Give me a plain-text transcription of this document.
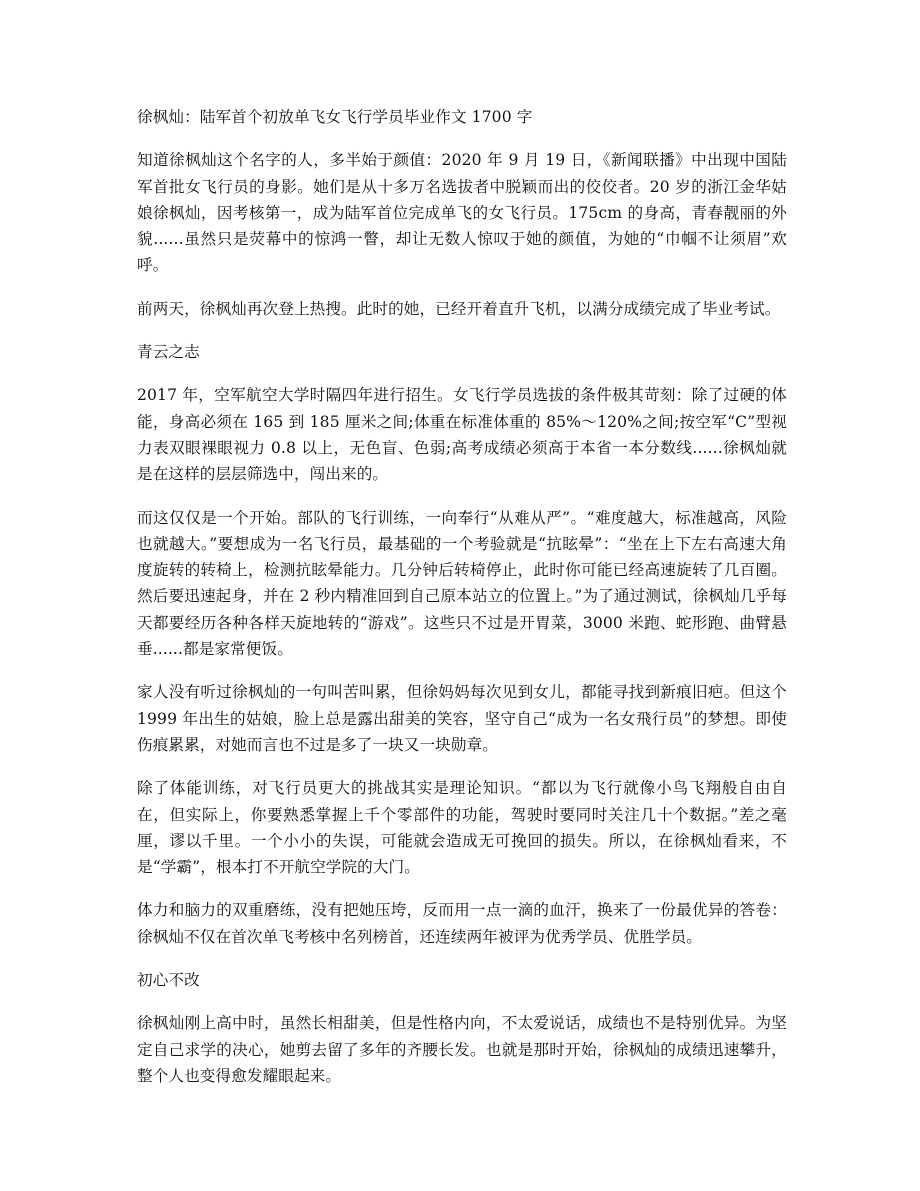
徐枫灿：陆军首个初放单飞女飞行学员毕业作文 1700 字

知道徐枫灿这个名字的人，多半始于颜值：2020 年 9 月 19 日，《新闻联播》中出现中国陆军首批女飞行员的身影。她们是从十多万名选拔者中脱颖而出的佼佼者。20 岁的浙江金华姑娘徐枫灿，因考核第一，成为陆军首位完成单飞的女飞行员。175cm 的身高，青春靓丽的外貌......虽然只是荧幕中的惊鸿一瞥，却让无数人惊叹于她的颜值，为她的“巾帼不让须眉”欢呼。

前两天，徐枫灿再次登上热搜。此时的她，已经开着直升飞机，以满分成绩完成了毕业考试。

青云之志

2017 年，空军航空大学时隔四年进行招生。女飞行学员选拔的条件极其苛刻：除了过硬的体能，身高必须在 165 到 185 厘米之间;体重在标准体重的 85%～120%之间;按空军“C”型视力表双眼裸眼视力 0.8 以上，无色盲、色弱;高考成绩必须高于本省一本分数线......徐枫灿就是在这样的层层筛选中，闯出来的。

而这仅仅是一个开始。部队的飞行训练，一向奉行“从难从严”。“难度越大，标准越高，风险也就越大。”要想成为一名飞行员，最基础的一个考验就是“抗眩晕”：“坐在上下左右高速大角度旋转的转椅上，检测抗眩晕能力。几分钟后转椅停止，此时你可能已经高速旋转了几百圈。然后要迅速起身，并在 2 秒内精准回到自己原本站立的位置上。”为了通过测试，徐枫灿几乎每天都要经历各种各样天旋地转的“游戏”。这些只不过是开胃菜，3000 米跑、蛇形跑、曲臂悬垂......都是家常便饭。

家人没有听过徐枫灿的一句叫苦叫累，但徐妈妈每次见到女儿，都能寻找到新痕旧疤。但这个 1999 年出生的姑娘，脸上总是露出甜美的笑容，坚守自己“成为一名女飛行员”的梦想。即使伤痕累累，对她而言也不过是多了一块又一块勋章。

除了体能训练，对飞行员更大的挑战其实是理论知识。“都以为飞行就像小鸟飞翔般自由自在，但实际上，你要熟悉掌握上千个零部件的功能，驾驶时要同时关注几十个数据。”差之毫厘，谬以千里。一个小小的失误，可能就会造成无可挽回的损失。所以，在徐枫灿看来，不是“学霸”，根本打不开航空学院的大门。

体力和脑力的双重磨练，没有把她压垮，反而用一点一滴的血汗，换来了一份最优异的答卷：徐枫灿不仅在首次单飞考核中名列榜首，还连续两年被评为优秀学员、优胜学员。

初心不改

徐枫灿刚上高中时，虽然长相甜美，但是性格内向，不太爱说话，成绩也不是特别优异。为坚定自己求学的决心，她剪去留了多年的齐腰长发。也就是那时开始，徐枫灿的成绩迅速攀升，整个人也变得愈发耀眼起来。
